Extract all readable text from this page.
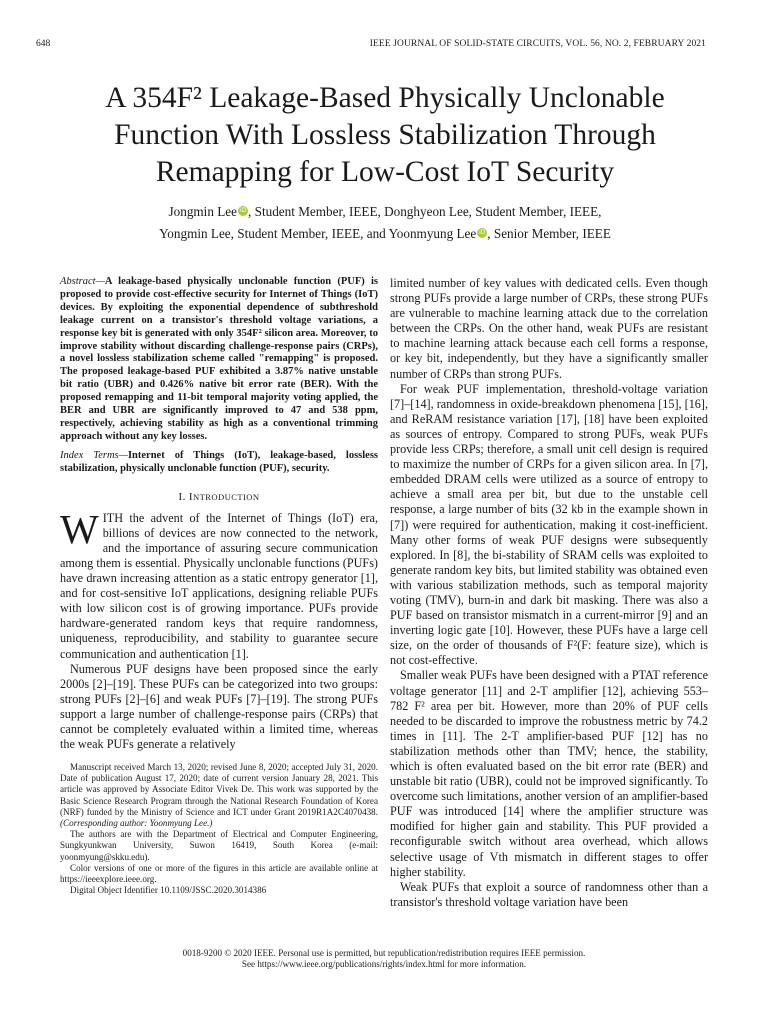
648	IEEE JOURNAL OF SOLID-STATE CIRCUITS, VOL. 56, NO. 2, FEBRUARY 2021
A 354F² Leakage-Based Physically Unclonable
Function With Lossless Stabilization Through
Remapping for Low-Cost IoT Security
Jongmin Lee iD , Student Member, IEEE, Donghyeon Lee, Student Member, IEEE,
Yongmin Lee, Student Member, IEEE, and Yoonmyung Lee iD , Senior Member, IEEE

Abstract—A leakage-based physically unclonable function (PUF) is proposed to provide cost-effective security for Internet of Things (IoT) devices. By exploiting the exponential dependence of subthreshold leakage current on a transistor's threshold voltage variations, a response key bit is generated with only 354F² silicon area. Moreover, to improve stability without discarding challenge-response pairs (CRPs), a novel lossless stabilization scheme called "remapping" is proposed. The proposed leakage-based PUF exhibited a 3.87% native unstable bit ratio (UBR) and 0.426% native bit error rate (BER). With the proposed remapping and 11-bit temporal majority voting applied, the BER and UBR are significantly improved to 47 and 538 ppm, respectively, achieving stability as high as a conventional trimming approach without any key losses.

Index Terms—Internet of Things (IoT), leakage-based, lossless stabilization, physically unclonable function (PUF), security.

I. INTRODUCTION

WITH the advent of the Internet of Things (IoT) era, billions of devices are now connected to the network, and the importance of assuring secure communication among them is essential. Physically unclonable functions (PUFs) have drawn increasing attention as a static entropy generator [1], and for cost-sensitive IoT applications, designing reliable PUFs with low silicon cost is of growing importance. PUFs provide hardware-generated random keys that require randomness, uniqueness, reproducibility, and stability to guarantee secure communication and authentication [1].

Numerous PUF designs have been proposed since the early 2000s [2]–[19]. These PUFs can be categorized into two groups: strong PUFs [2]–[6] and weak PUFs [7]–[19]. The strong PUFs support a large number of challenge-response pairs (CRPs) that cannot be completely evaluated within a limited time, whereas the weak PUFs generate a relatively

Manuscript received March 13, 2020; revised June 8, 2020; accepted July 31, 2020. Date of publication August 17, 2020; date of current version January 28, 2021. This article was approved by Associate Editor Vivek De. This work was supported by the Basic Science Research Program through the National Research Foundation of Korea (NRF) funded by the Ministry of Science and ICT under Grant 2019R1A2C4070438. (Corresponding author: Yoonmyung Lee.)

The authors are with the Department of Electrical and Computer Engineering, Sungkyunkwan University, Suwon 16419, South Korea (e-mail: yoonmyung@skku.edu).

Color versions of one or more of the figures in this article are available online at https://ieeexplore.ieee.org.

Digital Object Identifier 10.1109/JSSC.2020.3014386

limited number of key values with dedicated cells. Even though strong PUFs provide a large number of CRPs, these strong PUFs are vulnerable to machine learning attack due to the correlation between the CRPs. On the other hand, weak PUFs are resistant to machine learning attack because each cell forms a response, or key bit, independently, but they have a significantly smaller number of CRPs than strong PUFs.

For weak PUF implementation, threshold-voltage variation [7]–[14], randomness in oxide-breakdown phenomena [15], [16], and ReRAM resistance variation [17], [18] have been exploited as sources of entropy. Compared to strong PUFs, weak PUFs provide less CRPs; therefore, a small unit cell design is required to maximize the number of CRPs for a given silicon area. In [7], embedded DRAM cells were utilized as a source of entropy to achieve a small area per bit, but due to the unstable cell response, a large number of bits (32 kb in the example shown in [7]) were required for authentication, making it cost-inefficient. Many other forms of weak PUF designs were subsequently explored. In [8], the bi-stability of SRAM cells was exploited to generate random key bits, but limited stability was obtained even with various stabilization methods, such as temporal majority voting (TMV), burn-in and dark bit masking. There was also a PUF based on transistor mismatch in a current-mirror [9] and an inverting logic gate [10]. However, these PUFs have a large cell size, on the order of thousands of F²(F: feature size), which is not cost-effective.

Smaller weak PUFs have been designed with a PTAT reference voltage generator [11] and 2-T amplifier [12], achieving 553–782 F² area per bit. However, more than 20% of PUF cells needed to be discarded to improve the robustness metric by 74.2 times in [11]. The 2-T amplifier-based PUF [12] has no stabilization methods other than TMV; hence, the stability, which is often evaluated based on the bit error rate (BER) and unstable bit ratio (UBR), could not be improved significantly. To overcome such limitations, another version of an amplifier-based PUF was introduced [14] where the amplifier structure was modified for higher gain and stability. This PUF provided a reconfigurable switch without area overhead, which allows selective usage of Vth mismatch in different stages to offer higher stability.

Weak PUFs that exploit a source of randomness other than a transistor's threshold voltage variation have been

0018-9200 © 2020 IEEE. Personal use is permitted, but republication/redistribution requires IEEE permission.
See https://www.ieee.org/publications/rights/index.html for more information.
